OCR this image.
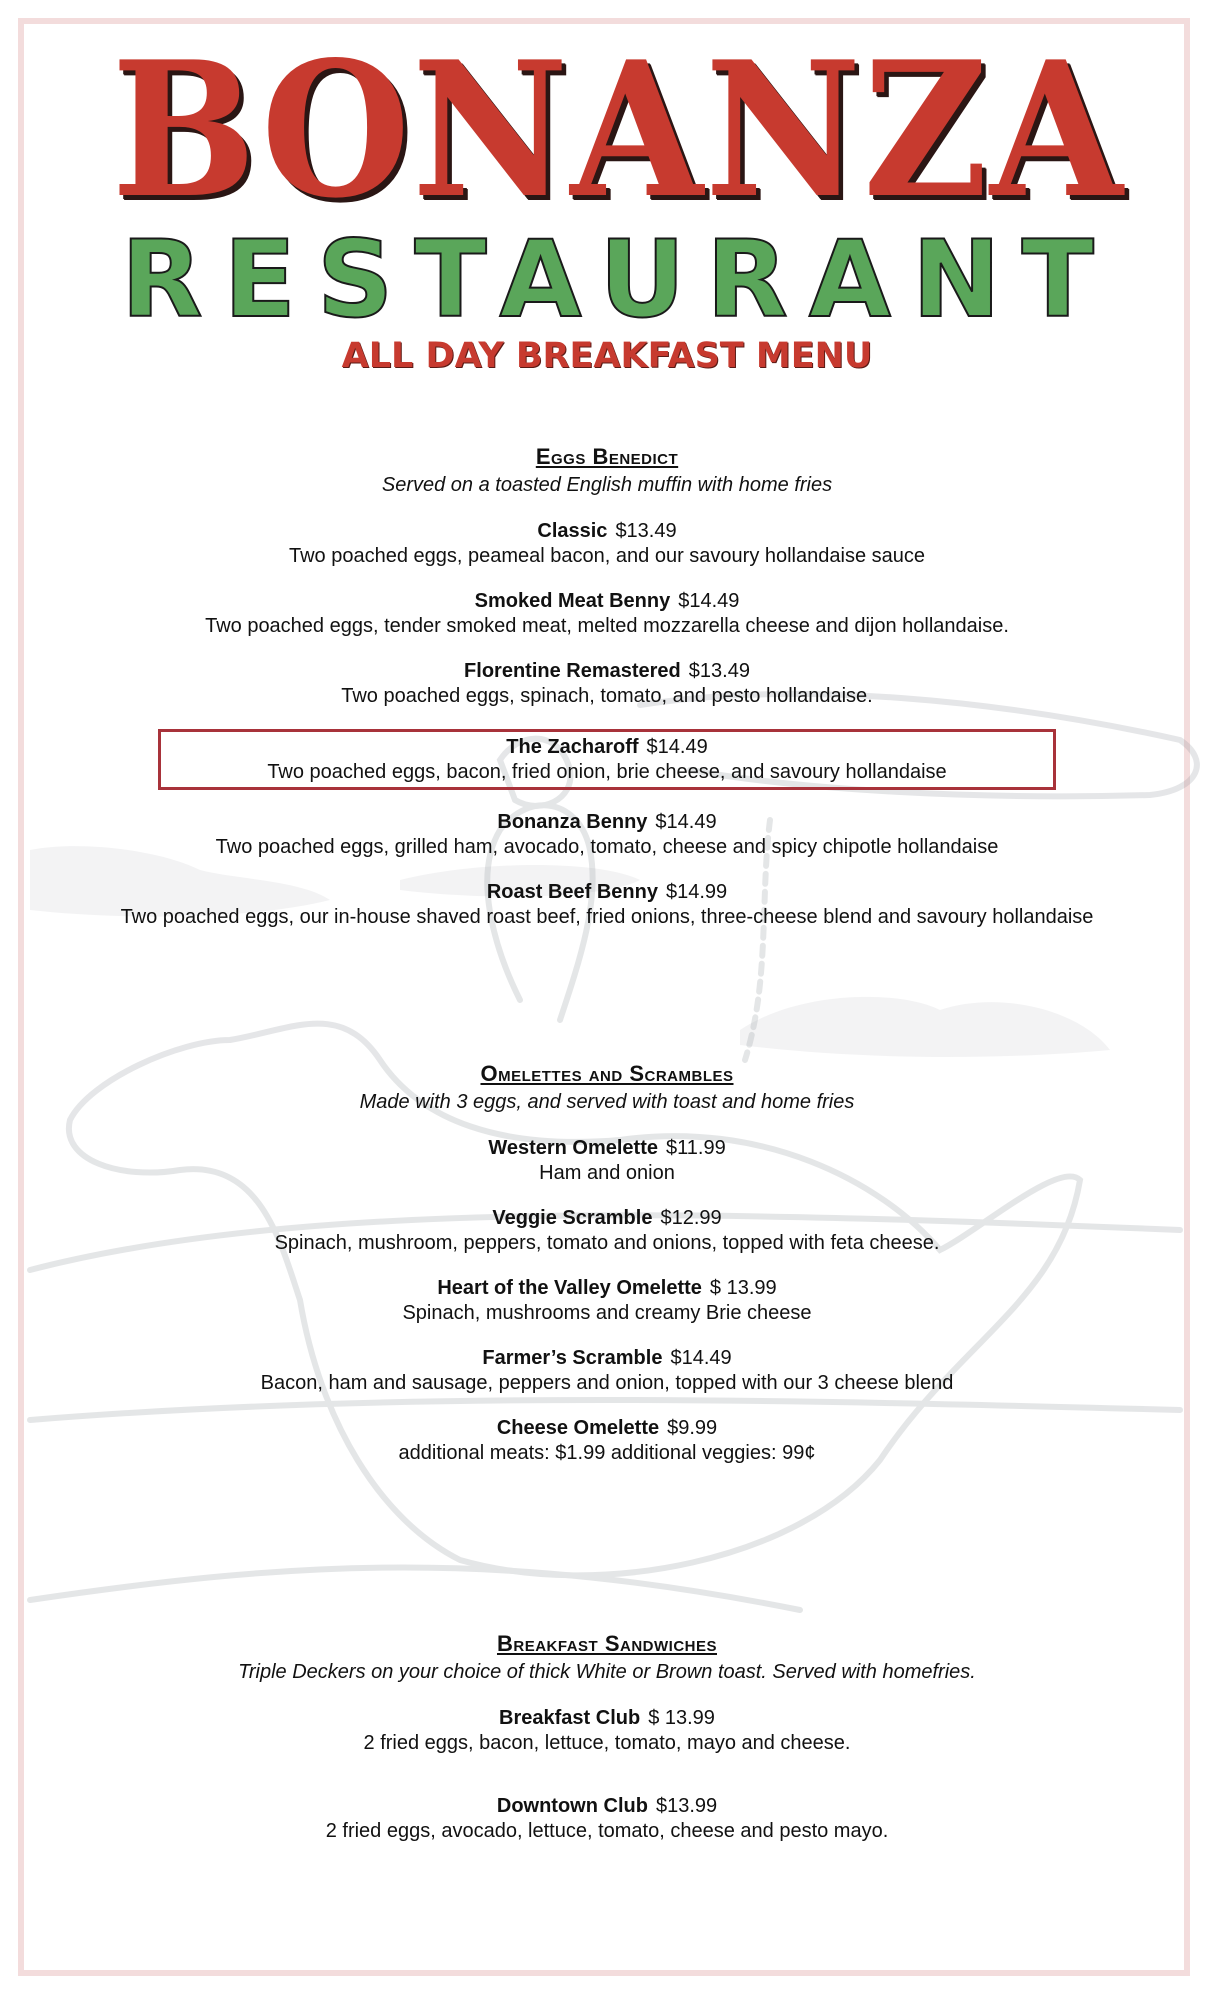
BONANZA
RESTAURANT
ALL DAY BREAKFAST MENU
Eggs Benedict

Served on a toasted English muffin with home fries

Classic $13.49
Two poached eggs, peameal bacon, and our savoury hollandaise sauce
Smoked Meat Benny $14.49
Two poached eggs, tender smoked meat, melted mozzarella cheese and dijon hollandaise.
Florentine Remastered $13.49
Two poached eggs, spinach, tomato, and pesto hollandaise.
The Zacharoff $14.49
Two poached eggs, bacon, fried onion, brie cheese, and savoury hollandaise
Bonanza Benny $14.49
Two poached eggs, grilled ham, avocado, tomato, cheese and spicy chipotle hollandaise
Roast Beef Benny $14.99
Two poached eggs, our in-house shaved roast beef, fried onions, three-cheese blend and savoury hollandaise
Omelettes and Scrambles

Made with 3 eggs, and served with toast and home fries

Western Omelette $11.99
Ham and onion
Veggie Scramble $12.99
Spinach, mushroom, peppers, tomato and onions, topped with feta cheese.
Heart of the Valley Omelette $ 13.99
Spinach, mushrooms and creamy Brie cheese
Farmer’s Scramble $14.49
Bacon, ham and sausage, peppers and onion, topped with our 3 cheese blend
Cheese Omelette $9.99
additional meats: $1.99 additional veggies: 99¢
Breakfast Sandwiches

Triple Deckers on your choice of thick White or Brown toast. Served with homefries.

Breakfast Club $ 13.99
2 fried eggs, bacon, lettuce, tomato, mayo and cheese.
Downtown Club $13.99
2 fried eggs, avocado, lettuce, tomato, cheese and pesto mayo.
